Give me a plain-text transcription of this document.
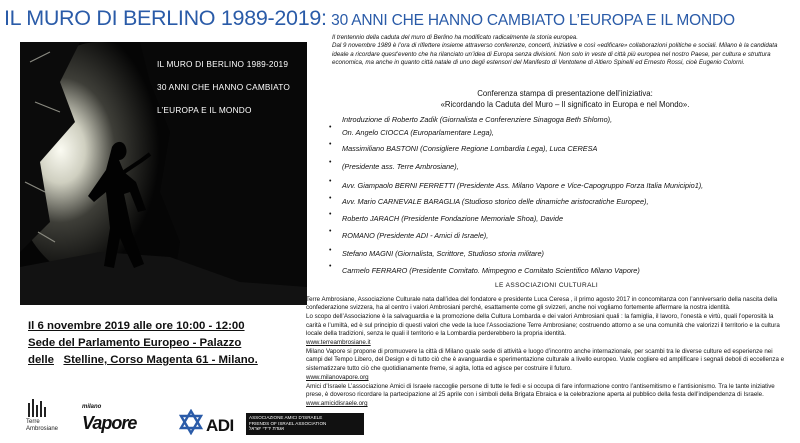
IL MURO DI BERLINO 1989-2019: 30 ANNI CHE HANNO CAMBIATO L’EUROPA E IL MONDO
IL MURO DI BERLINO 1989-2019
30 ANNI CHE HANNO CAMBIATO
L’EUROPA E IL MONDO

Il trentennio della caduta del muro di Berlino ha modificato radicalmente la storia europea.

Dal 9 novembre 1989 è l’ora di riflettere insieme attraverso conferenze, concerti, iniziative e così «edificare» collaborazioni politiche e sociali. Milano è la candidata ideale a ricordare quest’evento che ha rilanciato un’idea di Europa senza divisioni. Non solo in veste di città più europea nel nostro Paese, per cultura e struttura economica, ma anche in quanto città natale di uno degli estensori del Manifesto di Ventotene di Altiero Spinelli ed Ernesto Rossi, cioè Eugenio Colorni.

Conferenza stampa di presentazione dell’iniziativa:
«Ricordando la Caduta del Muro – Il significato in Europa e nel Mondo».
Introduzione di Roberto Zadik (Giornalista e Conferenziere Sinagoga Beth Shlomo),
•
On. Angelo CIOCCA (Europarlamentare Lega),
• Massimiliano BASTONI (Consigliere Regione Lombardia Lega), Luca CERESA
• (Presidente ass. Terre Ambrosiane),
• Avv. Giampaolo BERNI FERRETTI (Presidente Ass. Milano Vapore e Vice-Capogruppo Forza Italia Municipio1),
• Avv. Mario CARNEVALE BARAGLIA (Studioso storico delle dinamiche aristocratiche Europee),
• Roberto JARACH (Presidente Fondazione Memoriale Shoa), Davide
• ROMANO (Presidente ADI - Amici di Israele),
• Stefano MAGNI (Giornalista, Scrittore, Studioso storia militare)
• Carmelo FERRARO (Presidente Comitato. Mimpegno e Comitato Scientifico Milano Vapore)
LE ASSOCIAZIONI CULTURALI

Terre Ambrosiane, Associazione Culturale nata dall’idea del fondatore e presidente Luca Ceresa , il primo agosto 2017 in concomitanza con l’anniversario della nascita della confederazione svizzera, ha al centro i valori Ambrosiani perché, esattamente come gli svizzeri, anche noi vogliamo fortemente affermare la nostra identità.

Lo scopo dell’Associazione è la salvaguardia e la promozione della Cultura Lombarda e dei valori Ambrosiani quali : la famiglia, il lavoro, l’onestà e virtù, quali l’operosità la carità e l’umiltà, ed è sul principio di questi valori che vede la luce l’Associazione Terre Ambrosiane; costruendo attorno a se una comunità che valorizzi il territorio e la cultura locale della tradizioni, senza le quali il territorio e la Lombardia perderebbero la propria identità.

www.terreambrosiane.it

Milano Vapore si propone di promuovere la città di Milano quale sede di attività e luogo d’incontro anche internazionale, per scambi tra le diverse culture ed esperienze nei campi del Tempo Libero, del Design e di tutto ciò che è avanguardia e sperimentazione culturale a livello europeo. Vuole cogliere ed amplificare i segnali deboli di eccellenza e sistematizzare tutto ciò che quotidianamente freme, si agita, lotta ed agisce per costruire il futuro.

www.milanovapore.org

Amici d’Israele L’associazione Amici di Israele raccoglie persone di tutte le fedi e si occupa di fare informazione contro l’antisemitismo e l’antisionismo. Tra le tante iniziative prese, è doveroso ricordare la partecipazione al 25 aprile con i simboli della Brigata Ebraica e la celebrazione aperta al pubblico della festa dell’indipendenza di Israele.

www.amicidisraele.org

Il 6 novembre 2019 alle ore 10:00 - 12:00
Sede del Parlamento Europeo - Palazzo
delle Stelline, Corso Magenta 61 - Milano.
Terre
Ambrosiane
milano
Vapore	ADI	ASSOCIAZIONE AMICI D’ISRAELE
FRIENDS OF ISRAEL ASSOCIATION
אגודת ידידי ישראל
